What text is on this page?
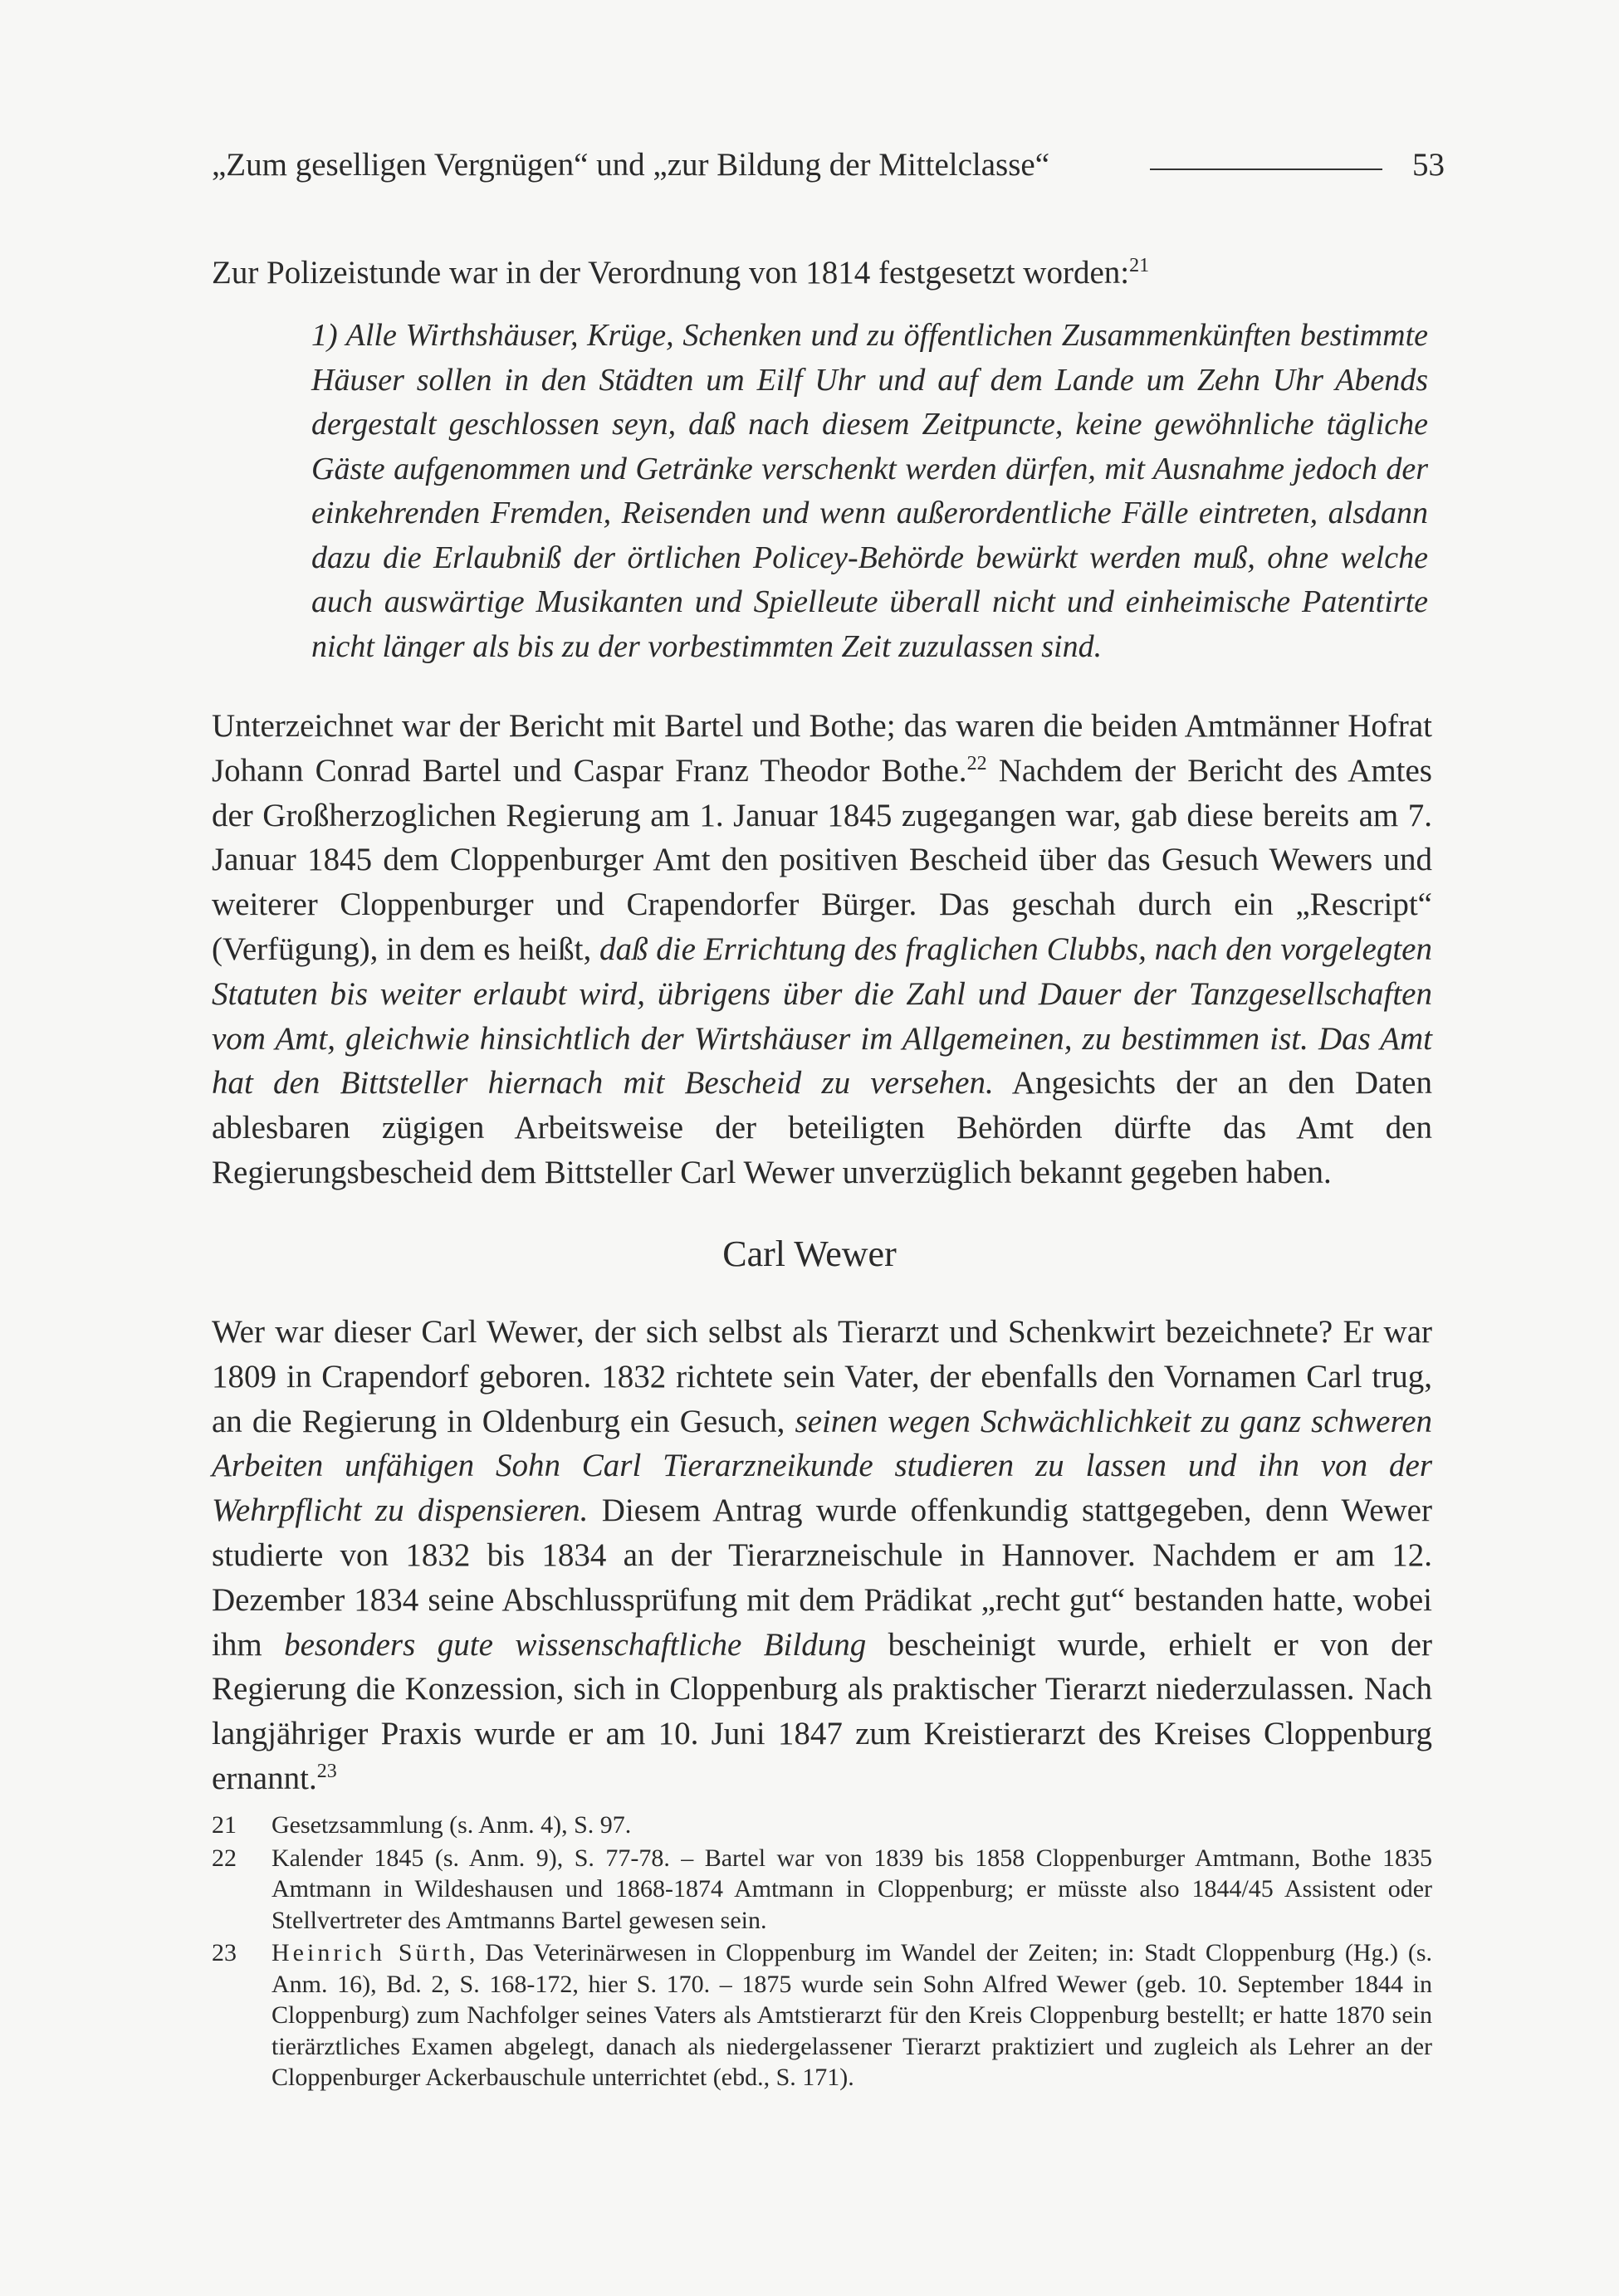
„Zum geselligen Vergnügen“ und „zur Bildung der Mittelclasse“	53

Zur Polizeistunde war in der Verordnung von 1814 festgesetzt worden:$^{21}$

1) Alle Wirthshäuser, Krüge, Schenken und zu öffentlichen Zusammenkünften bestimmte Häuser sollen in den Städten um Eilf Uhr und auf dem Lande um Zehn Uhr Abends dergestalt geschlossen seyn, daß nach diesem Zeitpuncte, keine gewöhnliche tägliche Gäste aufgenommen und Getränke verschenkt werden dürfen, mit Ausnahme jedoch der einkehrenden Fremden, Reisenden und wenn außerordentliche Fälle eintreten, alsdann dazu die Erlaubniß der örtlichen Policey-Behörde bewürkt werden muß, ohne welche auch auswärtige Musikanten und Spielleute überall nicht und einheimische Patentirte nicht länger als bis zu der vorbestimmten Zeit zuzulassen sind.

Unterzeichnet war der Bericht mit Bartel und Bothe; das waren die beiden Amtmänner Hofrat Johann Conrad Bartel und Caspar Franz Theodor Bothe.$^{22}$ Nachdem der Bericht des Amtes der Großherzoglichen Regierung am 1. Januar 1845 zugegangen war, gab diese bereits am 7. Januar 1845 dem Cloppenburger Amt den positiven Bescheid über das Gesuch Wewers und weiterer Cloppenburger und Crapendorfer Bürger. Das geschah durch ein „Rescript“ (Verfügung), in dem es heißt, daß die Errichtung des fraglichen Clubbs, nach den vorgelegten Statuten bis weiter erlaubt wird, übrigens über die Zahl und Dauer der Tanzgesellschaften vom Amt, gleichwie hinsichtlich der Wirtshäuser im Allgemeinen, zu bestimmen ist. Das Amt hat den Bittsteller hiernach mit Bescheid zu versehen. Angesichts der an den Daten ablesbaren zügigen Arbeitsweise der beteiligten Behörden dürfte das Amt den Regierungsbescheid dem Bittsteller Carl Wewer unverzüglich bekannt gegeben haben.

Carl Wewer

Wer war dieser Carl Wewer, der sich selbst als Tierarzt und Schenkwirt bezeichnete? Er war 1809 in Crapendorf geboren. 1832 richtete sein Vater, der ebenfalls den Vornamen Carl trug, an die Regierung in Oldenburg ein Gesuch, seinen wegen Schwächlichkeit zu ganz schweren Arbeiten unfähigen Sohn Carl Tierarzneikunde studieren zu lassen und ihn von der Wehrpflicht zu dispensieren. Diesem Antrag wurde offenkundig stattgegeben, denn Wewer studierte von 1832 bis 1834 an der Tierarzneischule in Hannover. Nachdem er am 12. Dezember 1834 seine Abschlussprüfung mit dem Prädikat „recht gut“ bestanden hatte, wobei ihm besonders gute wissenschaftliche Bildung bescheinigt wurde, erhielt er von der Regierung die Konzession, sich in Cloppenburg als praktischer Tierarzt niederzulassen. Nach langjähriger Praxis wurde er am 10. Juni 1847 zum Kreistierarzt des Kreises Cloppenburg ernannt.$^{23}$

21 Gesetzsammlung (s. Anm. 4), S. 97.
22 Kalender 1845 (s. Anm. 9), S. 77-78. – Bartel war von 1839 bis 1858 Cloppenburger Amtmann, Bothe 1835 Amtmann in Wildeshausen und 1868-1874 Amtmann in Cloppenburg; er müsste also 1844/45 Assistent oder Stellvertreter des Amtmanns Bartel gewesen sein.
23 Heinrich Sürth, Das Veterinärwesen in Cloppenburg im Wandel der Zeiten; in: Stadt Cloppenburg (Hg.) (s. Anm. 16), Bd. 2, S. 168-172, hier S. 170. – 1875 wurde sein Sohn Alfred Wewer (geb. 10. September 1844 in Cloppenburg) zum Nachfolger seines Vaters als Amtstierarzt für den Kreis Cloppenburg bestellt; er hatte 1870 sein tierärztliches Examen abgelegt, danach als niedergelassener Tierarzt praktiziert und zugleich als Lehrer an der Cloppenburger Ackerbauschule unterrichtet (ebd., S. 171).
